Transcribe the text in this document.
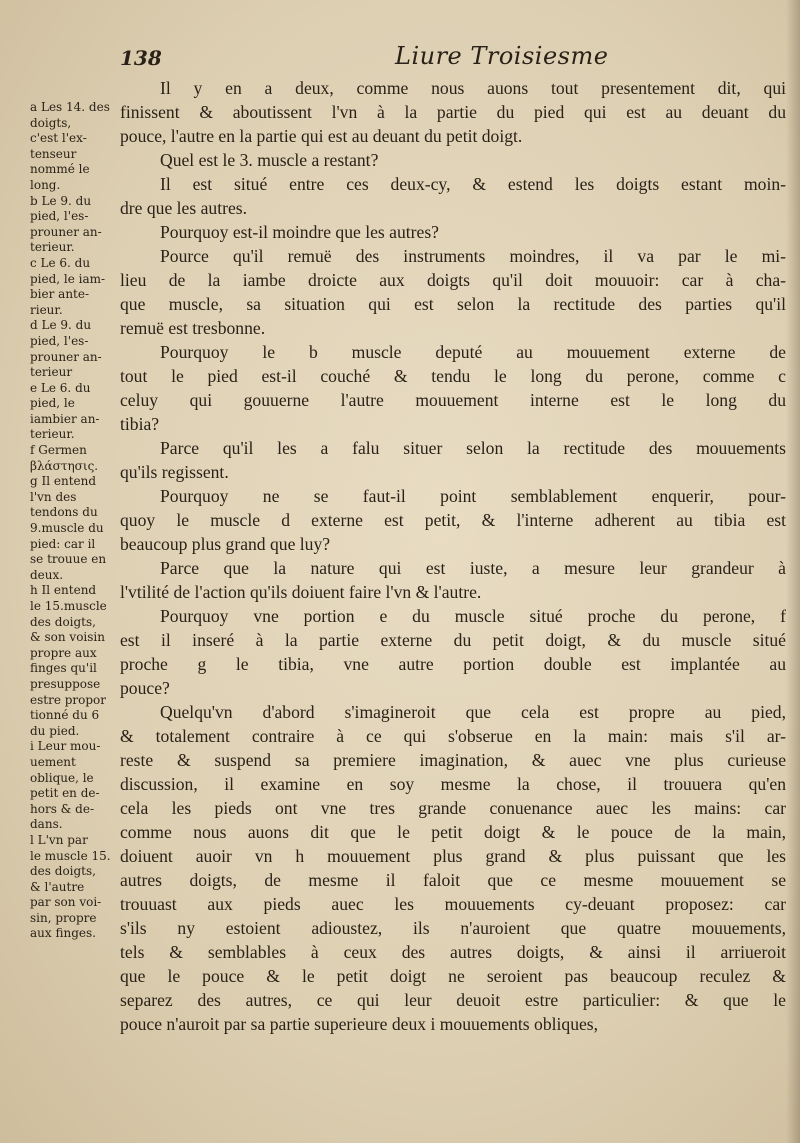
138	Liure Troisiesme
a Les 14. des
doigts,
c'est l'ex-
tenseur
nommé le
long.
b Le 9. du
pied, l'es-
prouner an-
terieur.
c Le 6. du
pied, le iam-
bier ante-
rieur.
d Le 9. du
pied, l'es-
prouner an-
terieur
e Le 6. du
pied, le
iambier an-
terieur.
f Germen
βλάστησις.
g Il entend
l'vn des
tendons du
9.muscle du
pied: car il
se trouue en
deux.
h Il entend
le 15.muscle
des doigts,
& son voisin
propre aux
finges qu'il
presuppose
estre propor
tionné du 6
du pied.
i Leur mou-
uement
oblique, le
petit en de-
hors & de-
dans.
l L'vn par
le muscle 15.
des doigts,
& l'autre
par son voi-
sin, propre
aux finges.
Il y en a deux, comme nous auons tout presentement dit, qui
finissent & aboutissent l'vn à la partie du pied qui est au deuant du
pouce, l'autre en la partie qui est au deuant du petit doigt.
Quel est le 3. muscle a restant?
Il est situé entre ces deux-cy, & estend les doigts estant moin-
dre que les autres.
Pourquoy est-il moindre que les autres?
Pource qu'il remuë des instruments moindres, il va par le mi-
lieu de la iambe droicte aux doigts qu'il doit mouuoir: car à cha-
que muscle, sa situation qui est selon la rectitude des parties qu'il
remuë est tresbonne.
Pourquoy le b muscle deputé au mouuement externe de
tout le pied est-il couché & tendu le long du perone, comme c
celuy qui gouuerne l'autre mouuement interne est le long du
tibia?
Parce qu'il les a falu situer selon la rectitude des mouuements
qu'ils regissent.
Pourquoy ne se faut-il point semblablement enquerir, pour-
quoy le muscle d externe est petit, & l'interne adherent au tibia est
beaucoup plus grand que luy?
Parce que la nature qui est iuste, a mesure leur grandeur à
l'vtilité de l'action qu'ils doiuent faire l'vn & l'autre.
Pourquoy vne portion e du muscle situé proche du perone, f
est il inseré à la partie externe du petit doigt, & du muscle situé
proche g le tibia, vne autre portion double est implantée au
pouce?
Quelqu'vn d'abord s'imagineroit que cela est propre au pied,
& totalement contraire à ce qui s'obserue en la main: mais s'il ar-
reste & suspend sa premiere imagination, & auec vne plus curieuse
discussion, il examine en soy mesme la chose, il trouuera qu'en
cela les pieds ont vne tres grande conuenance auec les mains: car
comme nous auons dit que le petit doigt & le pouce de la main,
doiuent auoir vn h mouuement plus grand & plus puissant que les
autres doigts, de mesme il faloit que ce mesme mouuement se
trouuast aux pieds auec les mouuements cy-deuant proposez: car
s'ils ny estoient adioustez, ils n'auroient que quatre mouuements,
tels & semblables à ceux des autres doigts, & ainsi il arriueroit
que le pouce & le petit doigt ne seroient pas beaucoup reculez &
separez des autres, ce qui leur deuoit estre particulier: & que le
pouce n'auroit par sa partie superieure deux i mouuements obliques,
